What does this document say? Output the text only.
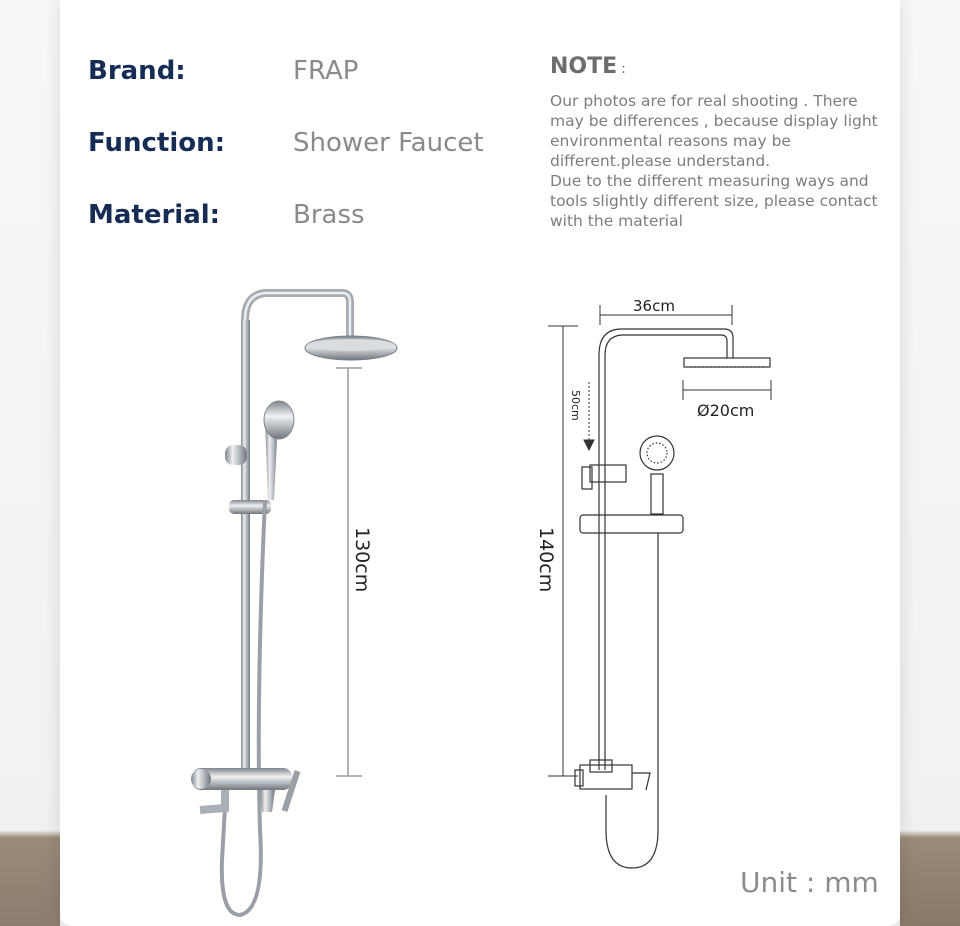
Brand:	FRAP
Function:	Shower Faucet
Material:	Brass
NOTE :
Our photos are for real shooting . There may be differences , because display light environmental reasons may be different.please understand.
Due to the different measuring ways and tools slightly different size, please contact with the material
130cm
36cm
Ø20cm
50cm
140cm
Unit : mm
